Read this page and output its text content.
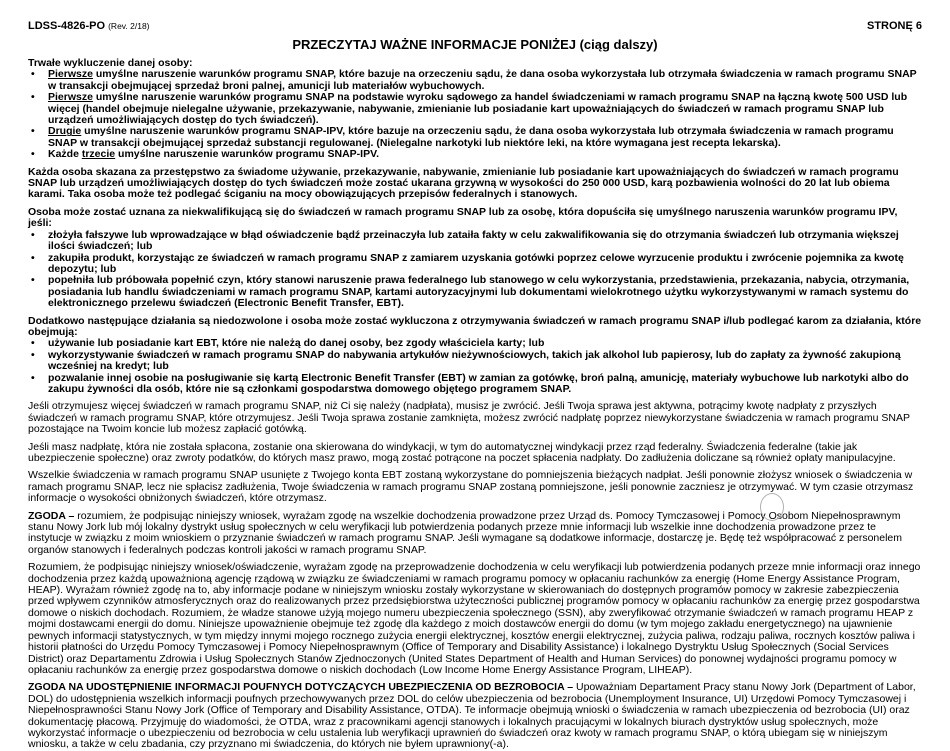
LDSS-4826-PO (Rev. 2/18)	STRONĘ 6
PRZECZYTAJ WAŻNE INFORMACJE PONIŻEJ (ciąg dalszy)

Trwałe wykluczenie danej osoby:

• Pierwsze umyślne naruszenie warunków programu SNAP, które bazuje na orzeczeniu sądu, że dana osoba wykorzystała lub otrzymała świadczenia w ramach programu SNAP w transakcji obejmującej sprzedaż broni palnej, amunicji lub materiałów wybuchowych.
• Pierwsze umyślne naruszenie warunków programu SNAP na podstawie wyroku sądowego za handel świadczeniami w ramach programu SNAP na łączną kwotę 500 USD lub więcej (handel obejmuje nielegalne używanie, przekazywanie, nabywanie, zmienianie lub posiadanie kart upoważniających do świadczeń w ramach programu SNAP lub urządzeń umożliwiających dostęp do tych świadczeń).
• Drugie umyślne naruszenie warunków programu SNAP-IPV, które bazuje na orzeczeniu sądu, że dana osoba wykorzystała lub otrzymała świadczenia w ramach programu SNAP w transakcji obejmującej sprzedaż substancji regulowanej. (Nielegalne narkotyki lub niektóre leki, na które wymagana jest recepta lekarska).
• Każde trzecie umyślne naruszenie warunków programu SNAP-IPV.

Każda osoba skazana za przestępstwo za świadome używanie, przekazywanie, nabywanie, zmienianie lub posiadanie kart upoważniających do świadczeń w ramach programu SNAP lub urządzeń umożliwiających dostęp do tych świadczeń może zostać ukarana grzywną w wysokości do 250 000 USD, karą pozbawienia wolności do 20 lat lub obiema karami. Taka osoba może też podlegać ściganiu na mocy obowiązujących przepisów federalnych i stanowych.

Osoba może zostać uznana za niekwalifikującą się do świadczeń w ramach programu SNAP lub za osobę, która dopuściła się umyślnego naruszenia warunków programu IPV, jeśli:

• złożyła fałszywe lub wprowadzające w błąd oświadczenie bądź przeinaczyła lub zataiła fakty w celu zakwalifikowania się do otrzymania świadczeń lub otrzymania większej ilości świadczeń; lub
• zakupiła produkt, korzystając ze świadczeń w ramach programu SNAP z zamiarem uzyskania gotówki poprzez celowe wyrzucenie produktu i zwrócenie pojemnika za kwotę depozytu; lub
• popełniła lub próbowała popełnić czyn, który stanowi naruszenie prawa federalnego lub stanowego w celu wykorzystania, przedstawienia, przekazania, nabycia, otrzymania, posiadania lub handlu świadczeniami w ramach programu SNAP, kartami autoryzacyjnymi lub dokumentami wielokrotnego użytku wykorzystywanymi w ramach systemu do elektronicznego przelewu świadczeń (Electronic Benefit Transfer, EBT).

Dodatkowo następujące działania są niedozwolone i osoba może zostać wykluczona z otrzymywania świadczeń w ramach programu SNAP i/lub podlegać karom za działania, które obejmują:

• używanie lub posiadanie kart EBT, które nie należą do danej osoby, bez zgody właściciela karty; lub
• wykorzystywanie świadczeń w ramach programu SNAP do nabywania artykułów nieżywnościowych, takich jak alkohol lub papierosy, lub do zapłaty za żywność zakupioną wcześniej na kredyt; lub
• pozwalanie innej osobie na posługiwanie się kartą Electronic Benefit Transfer (EBT) w zamian za gotówkę, broń palną, amunicję, materiały wybuchowe lub narkotyki albo do zakupu żywności dla osób, które nie są członkami gospodarstwa domowego objętego programem SNAP.

Jeśli otrzymujesz więcej świadczeń w ramach programu SNAP, niż Ci się należy (nadpłata), musisz je zwrócić. Jeśli Twoja sprawa jest aktywna, potrącimy kwotę nadpłaty z przyszłych świadczeń w ramach programu SNAP, które otrzymujesz. Jeśli Twoja sprawa zostanie zamknięta, możesz zwrócić nadpłatę poprzez niewykorzystane świadczenia w ramach programu SNAP pozostające na Twoim koncie lub możesz zapłacić gotówką.

Jeśli masz nadpłatę, która nie została spłacona, zostanie ona skierowana do windykacji, w tym do automatycznej windykacji przez rząd federalny. Świadczenia federalne (takie jak ubezpieczenie społeczne) oraz zwroty podatków, do których masz prawo, mogą zostać potrącone na poczet spłacenia nadpłaty. Do zadłużenia doliczane są również opłaty manipulacyjne.

Wszelkie świadczenia w ramach programu SNAP usunięte z Twojego konta EBT zostaną wykorzystane do pomniejszenia bieżących nadpłat. Jeśli ponownie złożysz wniosek o świadczenia w ramach programu SNAP, lecz nie spłacisz zadłużenia, Twoje świadczenia w ramach programu SNAP zostaną pomniejszone, jeśli ponownie zaczniesz je otrzymywać. W tym czasie otrzymasz informacje o wysokości obniżonych świadczeń, które otrzymasz.

ZGODA – rozumiem, że podpisując niniejszy wniosek, wyrażam zgodę na wszelkie dochodzenia prowadzone przez Urząd ds. Pomocy Tymczasowej i Pomocy Osobom Niepełnosprawnym stanu Nowy Jork lub mój lokalny dystrykt usług społecznych w celu weryfikacji lub potwierdzenia podanych przeze mnie informacji lub wszelkie inne dochodzenia prowadzone przez te instytucje w związku z moim wnioskiem o przyznanie świadczeń w ramach programu SNAP. Jeśli wymagane są dodatkowe informacje, dostarczę je. Będę też współpracować z personelem organów stanowych i federalnych podczas kontroli jakości w ramach programu SNAP.

Rozumiem, że podpisując niniejszy wniosek/oświadczenie, wyrażam zgodę na przeprowadzenie dochodzenia w celu weryfikacji lub potwierdzenia podanych przeze mnie informacji oraz innego dochodzenia przez każdą upoważnioną agencję rządową w związku ze świadczeniami w ramach programu pomocy w opłacaniu rachunków za energię (Home Energy Assistance Program, HEAP). Wyrażam również zgodę na to, aby informacje podane w niniejszym wniosku zostały wykorzystane w skierowaniach do dostępnych programów pomocy w zakresie zabezpieczenia przed wpływem czynników atmosferycznych oraz do realizowanych przez przedsiębiorstwa użyteczności publicznej programów pomocy w opłacaniu rachunków za energię przez gospodarstwa domowe o niskich dochodach. Rozumiem, że władze stanowe użyją mojego numeru ubezpieczenia społecznego (SSN), aby zweryfikować otrzymanie świadczeń w ramach programu HEAP z mojmi dostawcami energii do domu. Niniejsze upoważnienie obejmuje też zgodę dla każdego z moich dostawców energii do domu (w tym mojego zakładu energetycznego) na ujawnienie pewnych informacji statystycznych, w tym między innymi mojego rocznego zużycia energii elektrycznej, kosztów energii elektrycznej, zużycia paliwa, rodzaju paliwa, rocznych kosztów paliwa i historii płatności do Urzędu Pomocy Tymczasowej i Pomocy Niepełnosprawnym (Office of Temporary and Disability Assistance) i lokalnego Dystryktu Usług Społecznych (Social Services District) oraz Departamentu Zdrowia i Usług Społecznych Stanów Zjednoczonych (United States Department of Health and Human Services) do ponownej wydajności programu pomocy w opłacaniu rachunków za energię przez gospodarstwa domowe o niskich dochodach (Low Income Home Energy Assistance Program, LIHEAP).

ZGODA NA UDOSTĘPNIENIE INFORMACJI POUFNYCH DOTYCZĄCYCH UBEZPIECZENIA OD BEZROBOCIA – Upoważniam Departament Pracy stanu Nowy Jork (Department of Labor, DOL) do udostępnienia wszelkich informacji poufnych przechowywanych przez DOL do celów ubezpieczenia od bezrobocia (Unemployment Insurance, UI) Urzędowi Pomocy Tymczasowej i Niepełnosprawności Stanu Nowy Jork (Office of Temporary and Disability Assistance, OTDA). Te informacje obejmują wnioski o świadczenia w ramach ubezpieczenia od bezrobocia (UI) oraz dokumentację płacową. Przyjmuję do wiadomości, że OTDA, wraz z pracownikami agencji stanowych i lokalnych pracującymi w lokalnych biurach dystryktów usług społecznych, może wykorzystać informacje o ubezpieczeniu od bezrobocia w celu ustalenia lub weryfikacji uprawnień do świadczeń oraz kwoty w ramach programu SNAP, o którą ubiegam się w niniejszym wniosku, a także w celu zbadania, czy przyznano mi świadczenia, do których nie byłem uprawniony(-a).
